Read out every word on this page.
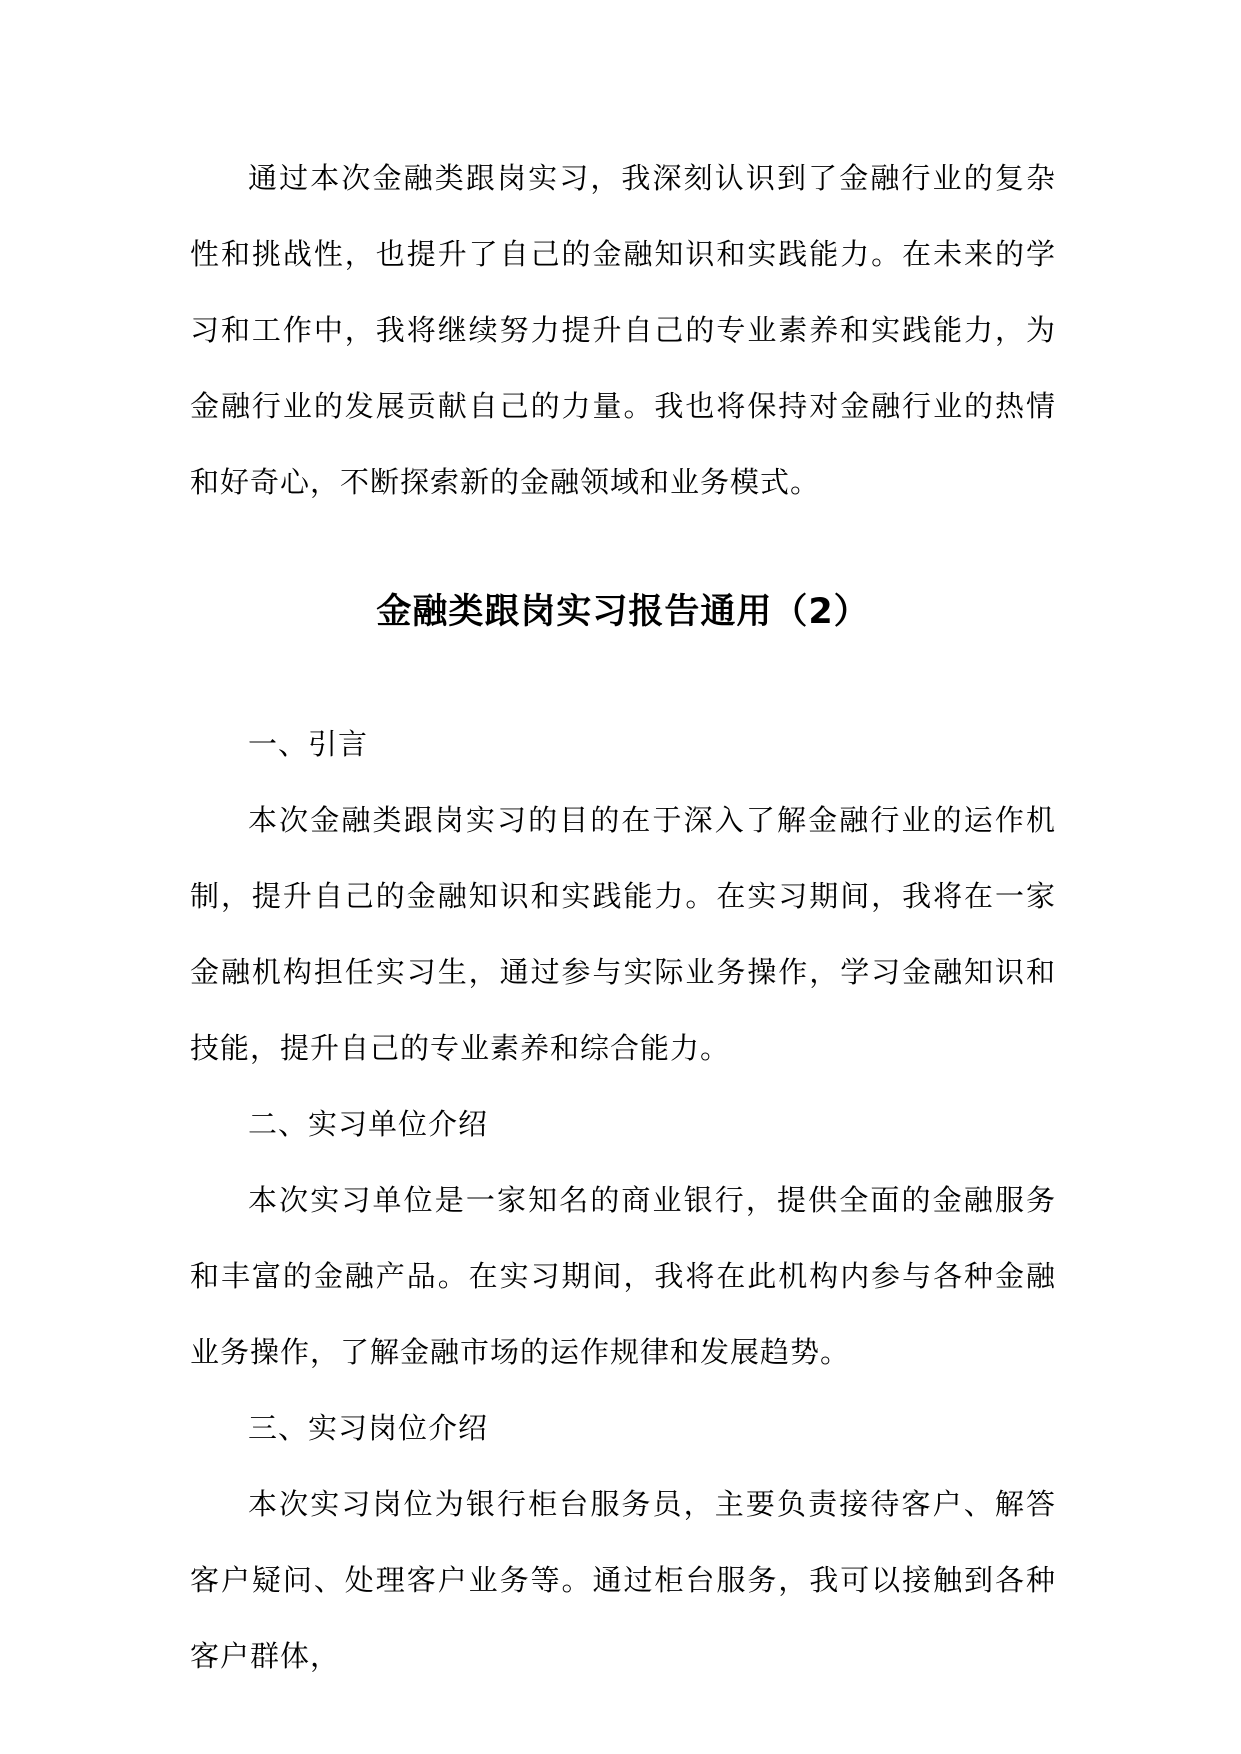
通过本次金融类跟岗实习，我深刻认识到了金融行业的复杂性和挑战性，也提升了自己的金融知识和实践能力。在未来的学习和工作中，我将继续努力提升自己的专业素养和实践能力，为金融行业的发展贡献自己的力量。我也将保持对金融行业的热情和好奇心，不断探索新的金融领域和业务模式。

金融类跟岗实习报告通用（2）

一、引言

本次金融类跟岗实习的目的在于深入了解金融行业的运作机制，提升自己的金融知识和实践能力。在实习期间，我将在一家金融机构担任实习生，通过参与实际业务操作，学习金融知识和技能，提升自己的专业素养和综合能力。

二、实习单位介绍

本次实习单位是一家知名的商业银行，提供全面的金融服务和丰富的金融产品。在实习期间，我将在此机构内参与各种金融业务操作，了解金融市场的运作规律和发展趋势。

三、实习岗位介绍

本次实习岗位为银行柜台服务员，主要负责接待客户、解答客户疑问、处理客户业务等。通过柜台服务，我可以接触到各种客户群体，
